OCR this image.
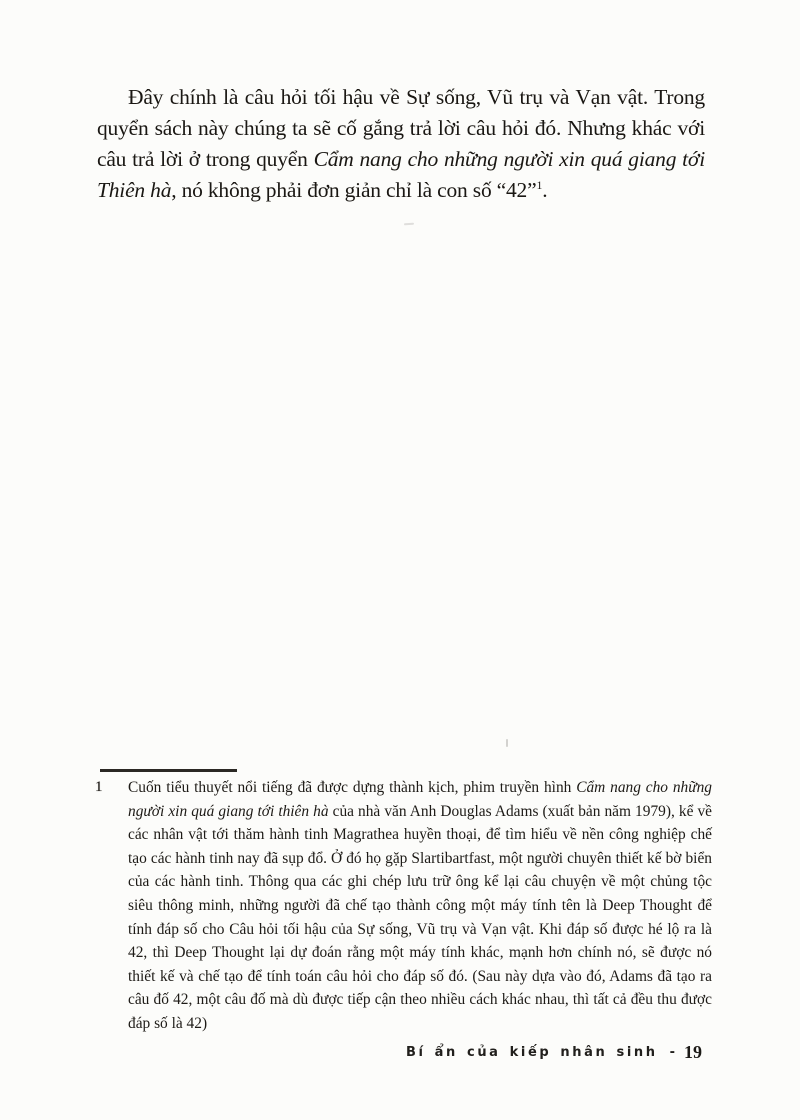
Đây chính là câu hỏi tối hậu về Sự sống, Vũ trụ và Vạn vật. Trong quyển sách này chúng ta sẽ cố gắng trả lời câu hỏi đó. Nhưng khác với câu trả lời ở trong quyển Cẩm nang cho những người xin quá giang tới Thiên hà, nó không phải đơn giản chỉ là con số “42”$^1$.

1	Cuốn tiểu thuyết nổi tiếng đã được dựng thành kịch, phim truyền hình Cẩm nang cho những người xin quá giang tới thiên hà của nhà văn Anh Douglas Adams (xuất bản năm 1979), kể về các nhân vật tới thăm hành tinh Magrathea huyền thoại, để tìm hiểu về nền công nghiệp chế tạo các hành tinh nay đã sụp đổ. Ở đó họ gặp Slartibartfast, một người chuyên thiết kế bờ biển của các hành tinh. Thông qua các ghi chép lưu trữ ông kể lại câu chuyện về một chủng tộc siêu thông minh, những người đã chế tạo thành công một máy tính tên là Deep Thought để tính đáp số cho Câu hỏi tối hậu của Sự sống, Vũ trụ và Vạn vật. Khi đáp số được hé lộ ra là 42, thì Deep Thought lại dự đoán rằng một máy tính khác, mạnh hơn chính nó, sẽ được nó thiết kế và chế tạo để tính toán câu hỏi cho đáp số đó. (Sau này dựa vào đó, Adams đã tạo ra câu đố 42, một câu đố mà dù được tiếp cận theo nhiều cách khác nhau, thì tất cả đều thu được đáp số là 42)

Bí ẩn của kiếp nhân sinh - 19
